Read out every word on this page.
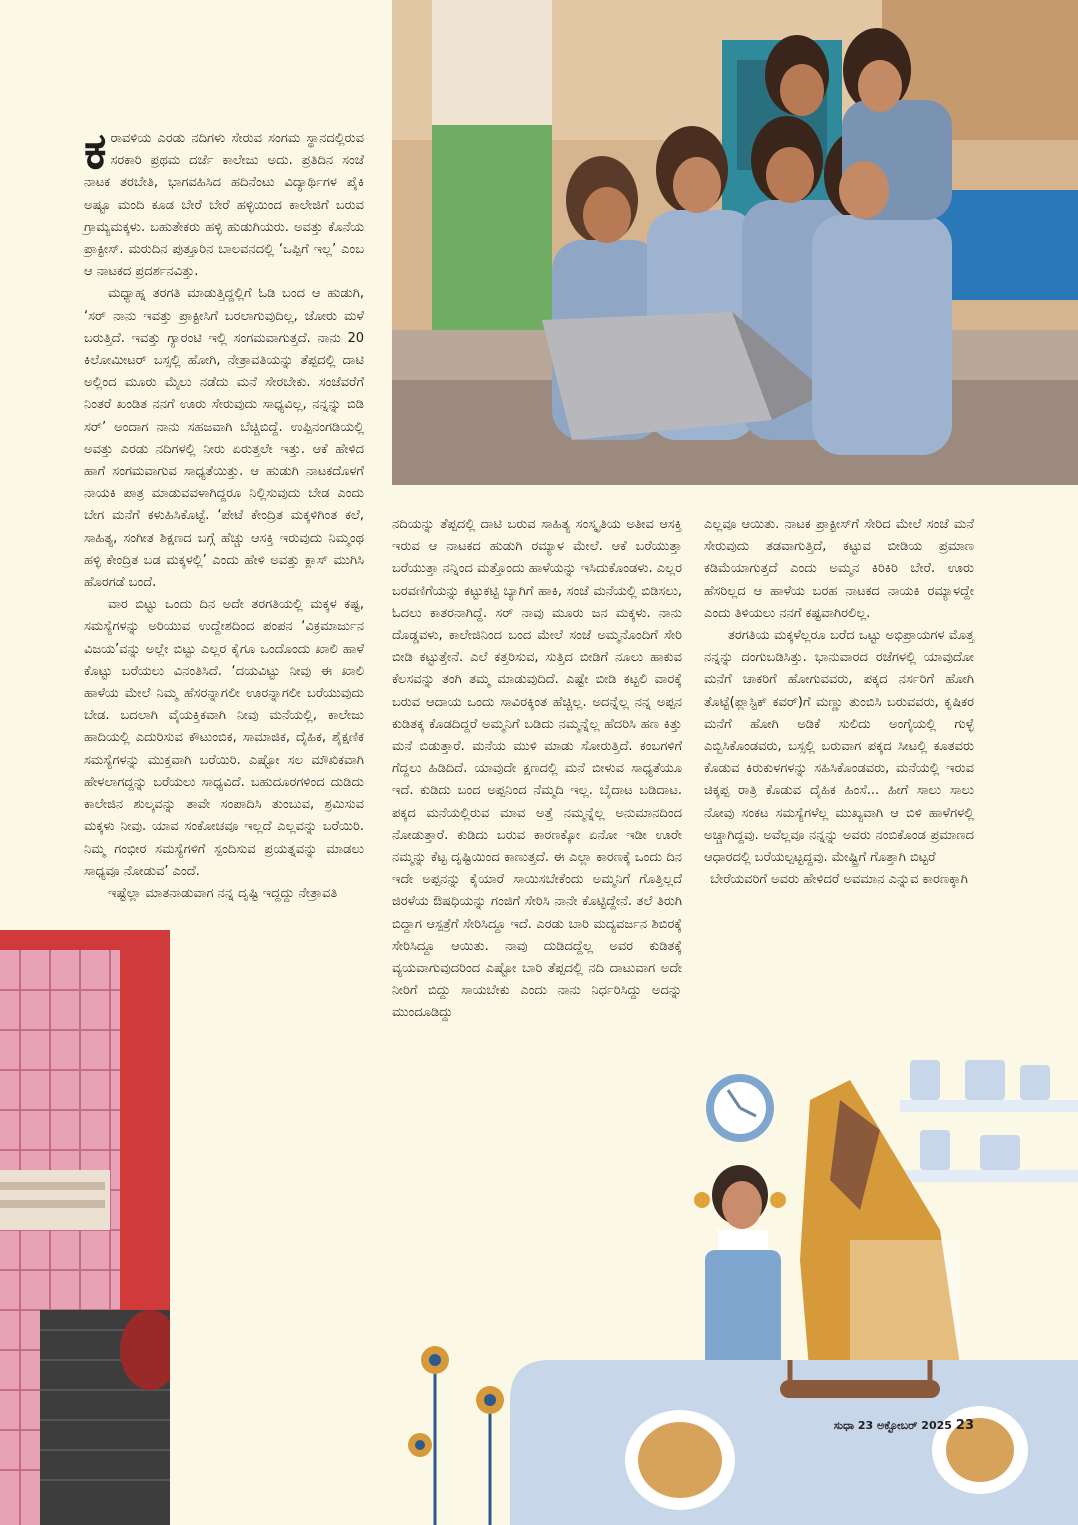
ಕರಾವಳಿಯ ಎರಡು ನದಿಗಳು ಸೇರುವ ಸಂಗಮ ಸ್ಥಾನದಲ್ಲಿರುವ ಸರಕಾರಿ ಪ್ರಥಮ ದರ್ಜೆ ಕಾಲೇಜು ಅದು. ಪ್ರತಿದಿನ ಸಂಜೆ ನಾಟಕ ತರಬೇತಿ, ಭಾಗವಹಿಸಿದ ಹದಿನೆಂಟು ವಿದ್ಯಾರ್ಥಿಗಳ ಪೈಕಿ ಅಷ್ಟೂ ಮಂದಿ ಕೂಡ ಬೇರೆ ಬೇರೆ ಹಳ್ಳಿಯಿಂದ ಕಾಲೇಜಿಗೆ ಬರುವ ಗ್ರಾಮ್ಯಮಕ್ಕಳು. ಬಹುತೇಕರು ಹಳ್ಳಿ ಹುಡುಗಿಯರು. ಅವತ್ತು ಕೊನೆಯ ಪ್ರಾಕ್ಟೀಸ್. ಮರುದಿನ ಪುತ್ತೂರಿನ ಬಾಲವನದಲ್ಲಿ ‘ಒಪ್ಪಿಗೆ ಇಲ್ಲ’ ಎಂಬ ಆ ನಾಟಕದ ಪ್ರದರ್ಶನವಿತ್ತು.

ಮಧ್ಯಾಹ್ನ ತರಗತಿ ಮಾಡುತ್ತಿದ್ದಲ್ಲಿಗೆ ಓಡಿ ಬಂದ ಆ ಹುಡುಗಿ, ‘ಸರ್ ನಾನು ಇವತ್ತು ಪ್ರಾಕ್ಟೀಸಿಗೆ ಬರಲಾಗುವುದಿಲ್ಲ, ಜೋರು ಮಳೆ ಬರುತ್ತಿದೆ. ಇವತ್ತು ಗ್ಯಾರಂಟಿ ಇಲ್ಲಿ ಸಂಗಮವಾಗುತ್ತದೆ. ನಾನು 20 ಕಿಲೋಮೀಟರ್ ಬಸ್ಸಲ್ಲಿ ಹೋಗಿ, ನೇತ್ರಾವತಿಯನ್ನು ತೆಪ್ಪದಲ್ಲಿ ದಾಟಿ ಅಲ್ಲಿಂದ ಮೂರು ಮೈಲು ನಡೆದು ಮನೆ ಸೇರಬೇಕು. ಸಂಜೆವರೆಗೆ ನಿಂತರೆ ಖಂಡಿತ ನನಗೆ ಊರು ಸೇರುವುದು ಸಾಧ್ಯವಿಲ್ಲ, ನನ್ನನ್ನು ಬಿಡಿ ಸರ್’ ಅಂದಾಗ ನಾನು ಸಹಜವಾಗಿ ಬೆಚ್ಚಿಬಿದ್ದೆ. ಉಪ್ಪಿನಂಗಡಿಯಲ್ಲಿ ಅವತ್ತು ಎರಡು ನದಿಗಳಲ್ಲಿ ನೀರು ಏರುತ್ತಲೇ ಇತ್ತು. ಆಕೆ ಹೇಳಿದ ಹಾಗೆ ಸಂಗಮವಾಗುವ ಸಾಧ್ಯತೆಯಿತ್ತು. ಆ ಹುಡುಗಿ ನಾಟಕದೊಳಗೆ ನಾಯಕಿ ಪಾತ್ರ ಮಾಡುವವಳಾಗಿದ್ದರೂ ನಿಲ್ಲಿಸುವುದು ಬೇಡ ಎಂದು ಬೇಗ ಮನೆಗೆ ಕಳುಹಿಸಿಕೊಟ್ಟೆ. ‘ಪೇಟೆ ಕೇಂದ್ರಿತ ಮಕ್ಕಳಿಗಿಂತ ಕಲೆ, ಸಾಹಿತ್ಯ, ಸಂಗೀತ ಶಿಕ್ಷಣದ ಬಗ್ಗೆ ಹೆಚ್ಚು ಆಸಕ್ತಿ ಇರುವುದು ನಿಮ್ಮಂಥ ಹಳ್ಳಿ ಕೇಂದ್ರಿತ ಬಡ ಮಕ್ಕಳಲ್ಲಿ’ ಎಂದು ಹೇಳಿ ಅವತ್ತು ಕ್ಲಾಸ್ ಮುಗಿಸಿ ಹೊರಗಡೆ ಬಂದೆ.

ವಾರ ಬಿಟ್ಟು ಒಂದು ದಿನ ಅದೇ ತರಗತಿಯಲ್ಲಿ ಮಕ್ಕಳ ಕಷ್ಟ, ಸಮಸ್ಯೆಗಳನ್ನು ಅರಿಯುವ ಉದ್ದೇಶದಿಂದ ಪಂಪನ ‘ವಿಕ್ರಮಾರ್ಜುನ ವಿಜಯ’ವನ್ನು ಅಲ್ಲೇ ಬಿಟ್ಟು ಎಲ್ಲರ ಕೈಗೂ ಒಂದೊಂದು ಖಾಲಿ ಹಾಳೆ ಕೊಟ್ಟು ಬರೆಯಲು ವಿನಂತಿಸಿದೆ. ‘ದಯವಿಟ್ಟು ನೀವು ಈ ಖಾಲಿ ಹಾಳೆಯ ಮೇಲೆ ನಿಮ್ಮ ಹೆಸರನ್ನಾಗಲೀ ಊರನ್ನಾಗಲೀ ಬರೆಯುವುದು ಬೇಡ. ಬದಲಾಗಿ ವೈಯಕ್ತಿಕವಾಗಿ ನೀವು ಮನೆಯಲ್ಲಿ, ಕಾಲೇಜು ಹಾದಿಯಲ್ಲಿ ಎದುರಿಸುವ ಕೌಟುಂಬಿಕ, ಸಾಮಾಜಿಕ, ದೈಹಿಕ, ಶೈಕ್ಷಣಿಕ ಸಮಸ್ಯೆಗಳನ್ನು ಮುಕ್ತವಾಗಿ ಬರೆಯಿರಿ. ಎಷ್ಟೋ ಸಲ ಮೌಖಿಕವಾಗಿ ಹೇಳಲಾಗದ್ದನ್ನು ಬರೆಯಲು ಸಾಧ್ಯವಿದೆ. ಬಹುದೂರಗಳಿಂದ ದುಡಿದು ಕಾಲೇಜಿನ ಶುಲ್ಕವನ್ನು ತಾವೇ ಸಂಪಾದಿಸಿ ತುಂಬುವ, ಶ್ರಮಿಸುವ ಮಕ್ಕಳು ನೀವು. ಯಾವ ಸಂಕೋಚವೂ ಇಲ್ಲದೆ ಎಲ್ಲವನ್ನು ಬರೆಯಿರಿ. ನಿಮ್ಮ ಗಂಭೀರ ಸಮಸ್ಯೆಗಳಿಗೆ ಸ್ಪಂದಿಸುವ ಪ್ರಯತ್ನವನ್ನು ಮಾಡಲು ಸಾಧ್ಯವೂ ನೋಡುವ’ ಎಂದೆ.

ಇಷ್ಟೆಲ್ಲಾ ಮಾತನಾಡುವಾಗ ನನ್ನ ದೃಷ್ಟಿ ಇದ್ದದ್ದು ನೇತ್ರಾವತಿ

ನದಿಯನ್ನು ತೆಪ್ಪದಲ್ಲಿ ದಾಟಿ ಬರುವ ಸಾಹಿತ್ಯ ಸಂಸ್ಕೃತಿಯ ಅತೀವ ಆಸಕ್ತಿ ಇರುವ ಆ ನಾಟಕದ ಹುಡುಗಿ ರಮ್ಯಾಳ ಮೇಲೆ. ಆಕೆ ಬರೆಯುತ್ತಾ ಬರೆಯುತ್ತಾ ನನ್ನಿಂದ ಮತ್ತೊಂದು ಹಾಳೆಯನ್ನು ಇಸಿದುಕೊಂಡಳು. ಎಲ್ಲರ ಬರವಣಿಗೆಯನ್ನು ಕಟ್ಟುಕಟ್ಟಿ ಬ್ಯಾಗಿಗೆ ಹಾಕಿ, ಸಂಜೆ ಮನೆಯಲ್ಲಿ ಬಿಡಿಸಲು, ಓದಲು ಕಾತರನಾಗಿದ್ದೆ. ಸರ್ ನಾವು ಮೂರು ಜನ ಮಕ್ಕಳು. ನಾನು ದೊಡ್ಡವಳು, ಕಾಲೇಜಿನಿಂದ ಬಂದ ಮೇಲೆ ಸಂಜೆ ಅಮ್ಮನೊಂದಿಗೆ ಸೇರಿ ಬೀಡಿ ಕಟ್ಟುತ್ತೇನೆ. ಎಲೆ ಕತ್ತರಿಸುವ, ಸುತ್ತಿದ ಬೀಡಿಗೆ ನೂಲು ಹಾಕುವ ಕೆಲಸವನ್ನು ತಂಗಿ ತಮ್ಮ ಮಾಡುವುದಿದೆ. ಎಷ್ಟೇ ಬೀಡಿ ಕಟ್ಟಲಿ ವಾರಕ್ಕೆ ಬರುವ ಆದಾಯ ಒಂದು ಸಾವಿರಕ್ಕಿಂತ ಹೆಚ್ಚಿಲ್ಲ. ಅದನ್ನೆಲ್ಲ ನನ್ನ ಅಪ್ಪನ ಕುಡಿತಕ್ಕ ಕೊಡದಿದ್ದರೆ ಅಮ್ಮನಿಗೆ ಬಡಿದು ನಮ್ಮನ್ನೆಲ್ಲ ಹೆದರಿಸಿ ಹಣ ಕಿತ್ತು ಮನೆ ಬಿಡುತ್ತಾರೆ. ಮನೆಯ ಮುಳಿ ಮಾಡು ಸೋರುತ್ತಿದೆ. ಕಂಬಗಳಿಗೆ ಗೆದ್ದಲು ಹಿಡಿದಿದೆ. ಯಾವುದೇ ಕ್ಷಣದಲ್ಲಿ ಮನೆ ಬೀಳುವ ಸಾಧ್ಯತೆಯೂ ಇದೆ. ಕುಡಿದು ಬಂದ ಅಪ್ಪನಿಂದ ನೆಮ್ಮದಿ ಇಲ್ಲ. ಬೈದಾಟ ಬಡಿದಾಟ. ಪಕ್ಕದ ಮನೆಯಲ್ಲಿರುವ ಮಾವ ಅತ್ತೆ ನಮ್ಮನ್ನೆಲ್ಲ ಅನುಮಾನದಿಂದ ನೋಡುತ್ತಾರೆ. ಕುಡಿದು ಬರುವ ಕಾರಣಕ್ಕೋ ಏನೋ ಇಡೀ ಊರೇ ನಮ್ಮನ್ನು ಕೆಟ್ಟ ದೃಷ್ಟಿಯಿಂದ ಕಾಣುತ್ತದೆ. ಈ ಎಲ್ಲಾ ಕಾರಣಕ್ಕೆ ಒಂದು ದಿನ ಇದೇ ಅಪ್ಪನನ್ನು ಕೈಯಾರೆ ಸಾಯಿಸಬೇಕೆಂದು ಅಮ್ಮನಿಗೆ ಗೊತ್ತಿಲ್ಲದೆ ಜಿರಳೆಯ ಔಷಧಿಯನ್ನು ಗಂಜಿಗೆ ಸೇರಿಸಿ ನಾನೇ ಕೊಟ್ಟಿದ್ದೇನೆ. ತಲೆ ತಿರುಗಿ ಬಿದ್ದಾಗ ಆಸ್ಪತ್ರೆಗೆ ಸೇರಿಸಿದ್ದೂ ಇದೆ. ಎರಡು ಬಾರಿ ಮದ್ಯವರ್ಜನ ಶಿಬಿರಕ್ಕೆ ಸೇರಿಸಿದ್ದೂ ಆಯಿತು. ನಾವು ದುಡಿದದ್ದೆಲ್ಲ ಅವರ ಕುಡಿತಕ್ಕೆ ವ್ಯಯವಾಗುವುದರಿಂದ ಎಷ್ಟೋ ಬಾರಿ ತೆಪ್ಪದಲ್ಲಿ ನದಿ ದಾಟುವಾಗ ಅದೇ ನೀರಿಗೆ ಬಿದ್ದು ಸಾಯಬೇಕು ಎಂದು ನಾನು ನಿರ್ಧರಿಸಿದ್ದು ಅದನ್ನು ಮುಂದೂಡಿದ್ದು

ಎಲ್ಲವೂ ಆಯಿತು. ನಾಟಕ ಪ್ರಾಕ್ಟೀಸ್‌ಗೆ ಸೇರಿದ ಮೇಲೆ ಸಂಜೆ ಮನೆ ಸೇರುವುದು ತಡವಾಗುತ್ತಿದೆ, ಕಟ್ಟುವ ಬೀಡಿಯ ಪ್ರಮಾಣ ಕಡಿಮೆಯಾಗುತ್ತದೆ ಎಂದು ಅಮ್ಮನ ಕಿರಿಕಿರಿ ಬೇರೆ. ಊರು ಹೆಸರಿಲ್ಲದ ಆ ಹಾಳೆಯ ಬರಹ ನಾಟಕದ ನಾಯಕಿ ರಮ್ಯಾಳದ್ದೇ ಎಂದು ತಿಳಿಯಲು ನನಗೆ ಕಷ್ಟವಾಗಿರಲಿಲ್ಲ.

ತರಗತಿಯ ಮಕ್ಕಳೆಲ್ಲರೂ ಬರೆದ ಒಟ್ಟು ಅಭಿಪ್ರಾಯಗಳ ಮೊತ್ತ ನನ್ನನ್ನು ದಂಗುಬಡಿಸಿತ್ತು. ಭಾನುವಾರದ ರಜೆಗಳಲ್ಲಿ ಯಾವುದೋ ಮನೆಗೆ ಚಾಕರಿಗೆ ಹೋಗುವವರು, ಪಕ್ಕದ ನರ್ಸರಿಗೆ ಹೋಗಿ ತೊಟ್ಟೆ(ಪ್ಲಾಸ್ಟಿಕ್ ಕವರ್)ಗೆ ಮಣ್ಣು ತುಂಬಿಸಿ ಬರುವವರು, ಕೃಷಿಕರ ಮನೆಗೆ ಹೋಗಿ ಅಡಿಕೆ ಸುಲಿದು ಅಂಗೈಯಲ್ಲಿ ಗುಳ್ಳೆ ಎಬ್ಬಿಸಿಕೊಂಡವರು, ಬಸ್ಸಲ್ಲಿ ಬರುವಾಗ ಪಕ್ಕದ ಸೀಟಲ್ಲಿ ಕೂತವರು ಕೊಡುವ ಕಿರುಕುಳಗಳನ್ನು ಸಹಿಸಿಕೊಂಡವರು, ಮನೆಯಲ್ಲಿ ಇರುವ ಚಿಕ್ಕಪ್ಪ ರಾತ್ರಿ ಕೊಡುವ ದೈಹಿಕ ಹಿಂಸೆ... ಹೀಗೆ ಸಾಲು ಸಾಲು ನೋವು ಸಂಕಟ ಸಮಸ್ಯೆಗಳೆಲ್ಲ ಮುಖ್ಯವಾಗಿ ಆ ಬಿಳಿ ಹಾಳೆಗಳಲ್ಲಿ ಅಚ್ಚಾಗಿದ್ದವು. ಅವೆಲ್ಲವೂ ನನ್ನನ್ನು ಅವರು ನಂಬಿಕೊಂಡ ಪ್ರಮಾಣದ ಆಧಾರದಲ್ಲಿ ಬರೆಯಲ್ಪಟ್ಟದ್ದವು. ಮೇಷ್ಟ್ರಿಗೆ ಗೊತ್ತಾಗಿ ಬಿಟ್ಟರೆ

ಬೇರೆಯವರಿಗೆ ಅವರು ಹೇಳಿದರೆ ಅವಮಾನ ಎನ್ನುವ ಕಾರಣಕ್ಕಾಗಿ

ಸುಧಾ 23 ಅಕ್ಟೋಬರ್ 2025 23
